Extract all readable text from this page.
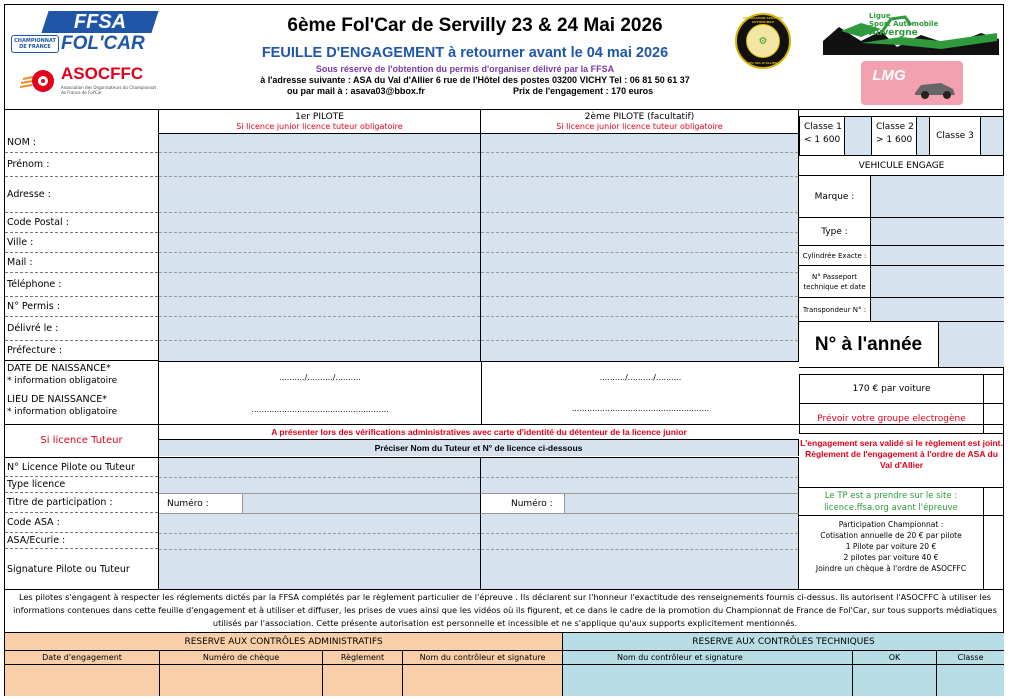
FFSA
CHAMPIONNAT DE FRANCE FOL'CAR
ASOCFFC
Association des Organisateurs du Championnat de France de Fol'Car
6ème Fol'Car de Servilly 23 & 24 Mai 2026
FEUILLE D'ENGAGEMENT à retourner avant le 04 mai 2026
Sous réserve de l'obtention du permis d'organiser délivré par la FFSA
à l'adresse suivante : ASA du Val d'Allier 6 rue de l'Hôtel des postes 03200 VICHY Tel : 06 81 50 61 37
ou par mail à : asava03@bbox.fr	Prix de l'engagement : 170 euros
⚙
ASSOCIATION SPORTIVE AUTOMOBILE
DU VAL D'ALLIER
Ligue
Sport Automobile
Auvergne
LMG
1er PILOTE
Si licence junior licence tuteur obligatoire
2ème PILOTE (facultatif)
Si licence junior licence tuteur obligatoire
NOM :
Prénom :
Adresse :
Code Postal :
Ville :
Mail :
Téléphone :
N° Permis :
Délivré le :
Préfecture :
DATE DE NAISSANCE*
* information obligatoire
LIEU DE NAISSANCE*
* information obligatoire
Si licence Tuteur
N° Licence Pilote ou Tuteur
Type licence
Titre de participation :
Code ASA :
ASA/Ecurie :
Signature Pilote ou Tuteur
........../........../..........	........../........../..........
......................................................	......................................................
A présenter lors des vérifications administratives avec carte d'identité du détenteur de la licence junior
Préciser Nom du Tuteur et N° de licence ci-dessous
Numéro :	Numéro :
Classe 1
< 1 600
Classe 2
> 1 600	Classe 3
VEHICULE ENGAGE
Marque :
Type :
Cylindrée Exacte :
N° Passeport technique et date
Transpondeur N° :
N° à l'année
170 € par voiture
Prévoir votre groupe electrogène
L'engagement sera validé si le règlement est joint.
Règlement de l'engagement à l'ordre de ASA du Val d'Allier
Le TP est a prendre sur le site :
licence.ffsa.org avant l'épreuve
Participation Championnat :
Cotisation annuelle de 20 € par pilote
1 Pilote par voiture 20 €
2 pilotes par voiture 40 €
Joindre un chèque à l'ordre de ASOCFFC
Les pilotes s'engagent à respecter les réglements dictés par la FFSA complétés par le règlement particulier de l'épreuve . Ils déclarent sur l'honneur l'exactitude des renseignements fournis ci-dessus. Ils autorisent l'ASOCFFC à utiliser les informations contenues dans cette feuille d'engagement et à utiliser et diffuser, les prises de vues ainsi que les vidéos où ils figurent, et ce dans le cadre de la promotion du Championnat de France de Fol'Car, sur tous supports médiatiques utilisés par l'association. Cette présente autorisation est personnelle et incessible et ne s'applique qu'aux supports explicitement mentionnés.
RESERVE AUX CONTRÔLES ADMINISTRATIFS	RESERVE AUX CONTRÔLES TECHNIQUES
Date d'engagement	Numéro de chèque	Règlement	Nom du contrôleur et signature	Nom du contrôleur et signature	OK	Classe
